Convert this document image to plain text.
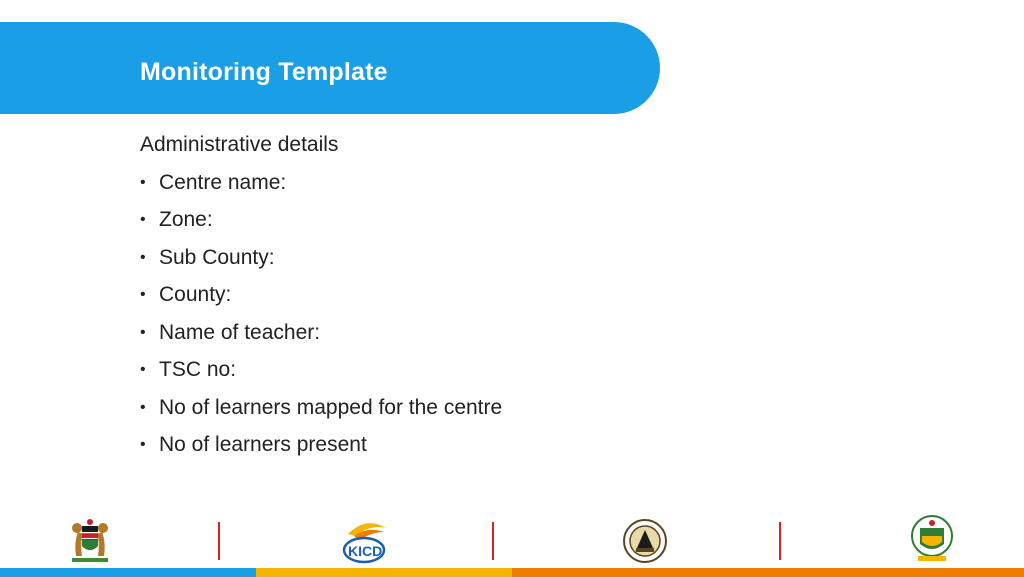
Monitoring Template
Administrative details
• Centre name:
• Zone:
• Sub County:
• County:
• Name of teacher:
• TSC no:
• No of learners mapped for the centre
• No of learners present
KICD
